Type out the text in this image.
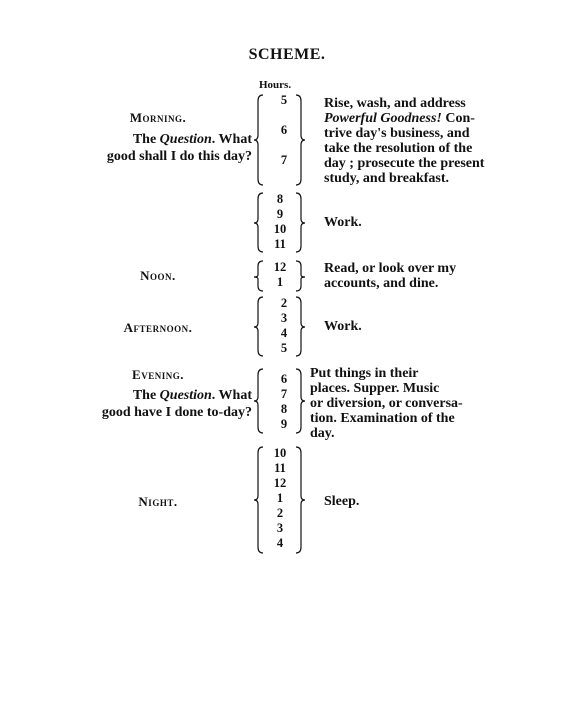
SCHEME.
Hours.
Morning.
The Question. What
good shall I do this day?
5
6
7

Rise, wash, and address

Powerful Goodness! Con-

trive day's business, and

take the resolution of the

day ; prosecute the present

study, and breakfast.

8
9
10
11
Work.
Noon.
12
1

Read, or look over my

accounts, and dine.

Afternoon.
2
3
4
5
Work.
Evening.
The Question. What
good have I done to-day?
6
7
8
9

Put things in their

places. Supper. Music

or diversion, or conversa-

tion. Examination of the

day.

Night.
10
11
12
1
2
3
4
Sleep.
